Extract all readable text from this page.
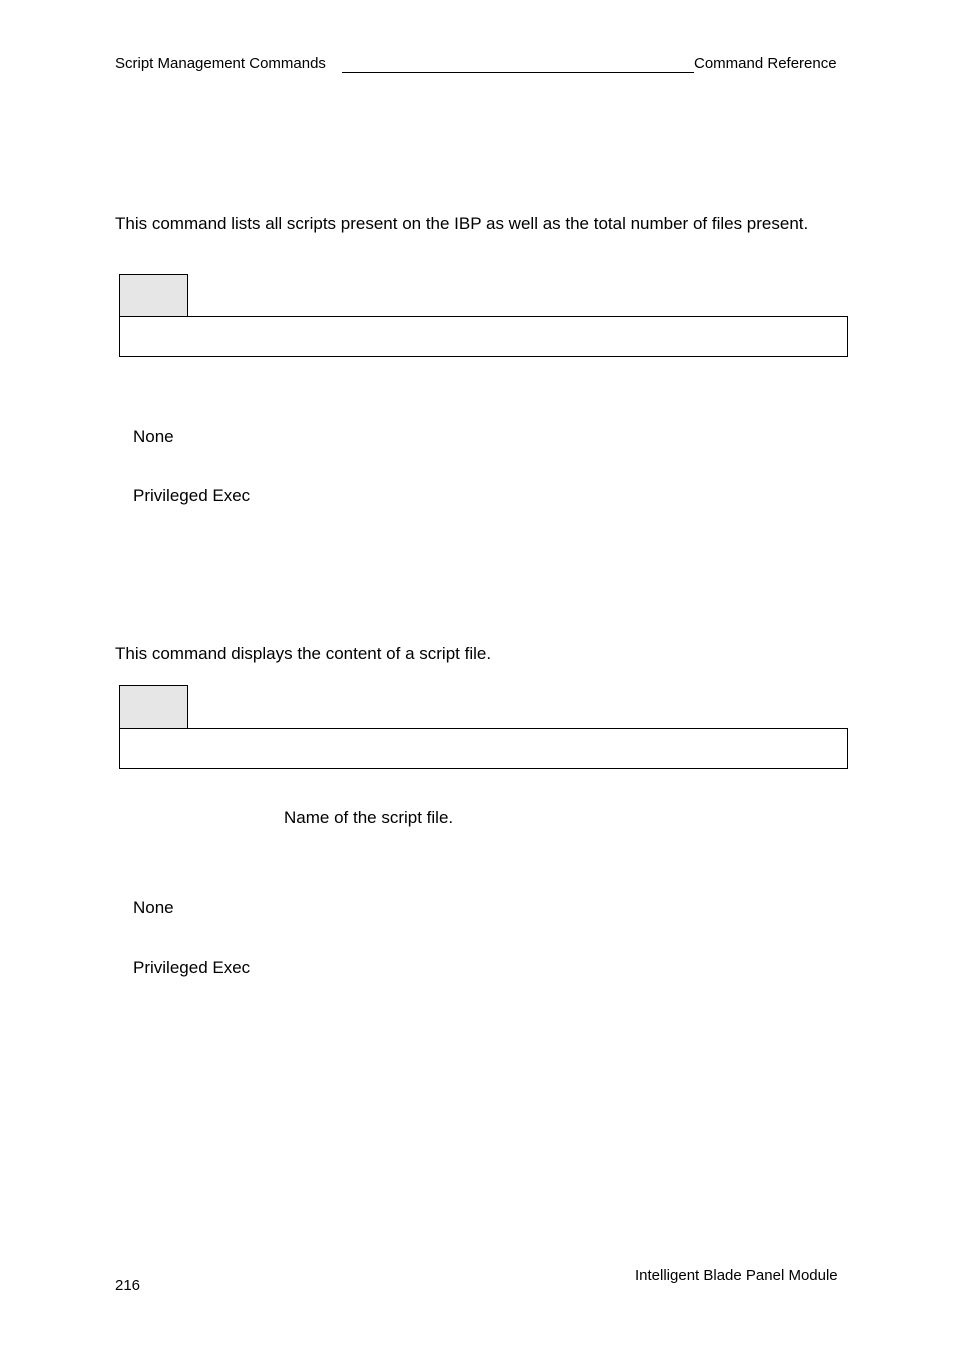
Script Management Commands	Command Reference
This command lists all scripts present on the IBP as well as the total number of files present.
None
Privileged Exec
This command displays the content of a script file.
Name of the script file.
None
Privileged Exec
216
Intelligent Blade Panel Module
